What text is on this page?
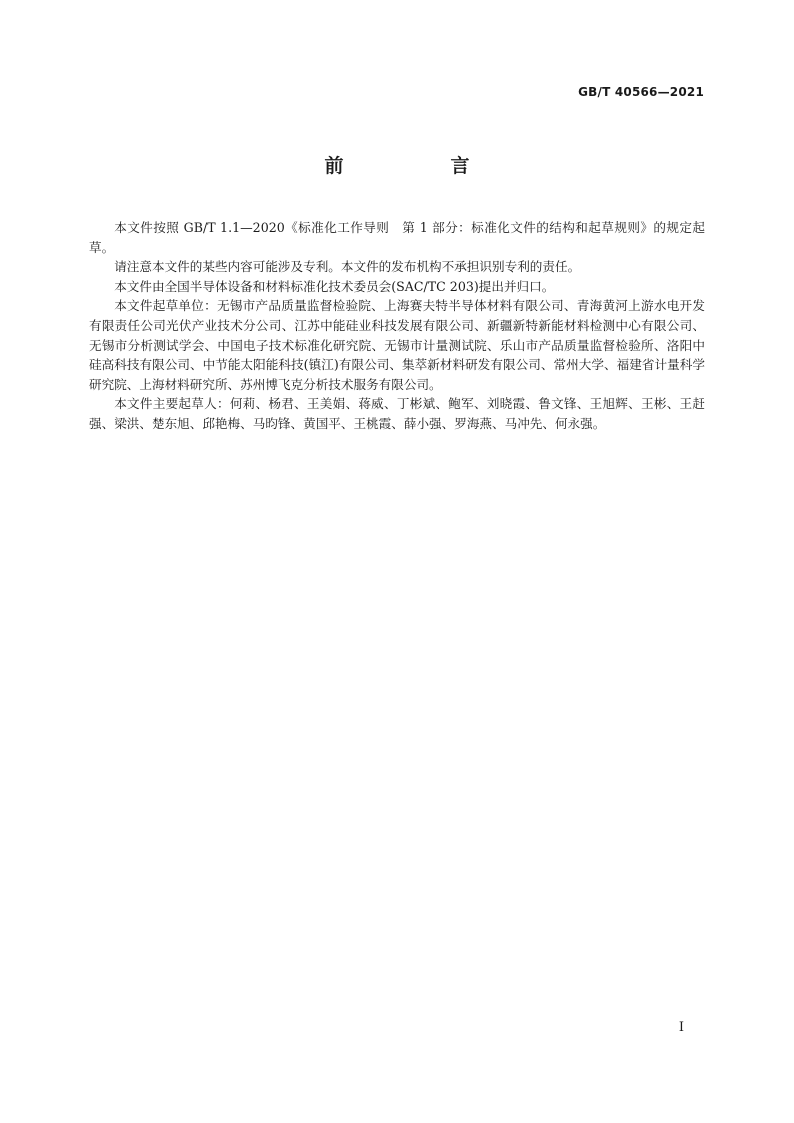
GB/T 40566—2021
前　言

本文件按照 GB/T 1.1—2020《标准化工作导则　第 1 部分：标准化文件的结构和起草规则》的规定起草。

请注意本文件的某些内容可能涉及专利。本文件的发布机构不承担识别专利的责任。

本文件由全国半导体设备和材料标准化技术委员会(SAC/TC 203)提出并归口。

本文件起草单位：无锡市产品质量监督检验院、上海赛夫特半导体材料有限公司、青海黄河上游水电开发有限责任公司光伏产业技术分公司、江苏中能硅业科技发展有限公司、新疆新特新能材料检测中心有限公司、无锡市分析测试学会、中国电子技术标准化研究院、无锡市计量测试院、乐山市产品质量监督检验所、洛阳中硅高科技有限公司、中节能太阳能科技(镇江)有限公司、集萃新材料研发有限公司、常州大学、福建省计量科学研究院、上海材料研究所、苏州博飞克分析技术服务有限公司。

本文件主要起草人：何莉、杨君、王美娟、蒋威、丁彬斌、鲍军、刘晓霞、鲁文锋、王旭辉、王彬、王赶强、梁洪、楚东旭、邱艳梅、马昀锋、黄国平、王桃霞、薛小强、罗海燕、马冲先、何永强。

I
